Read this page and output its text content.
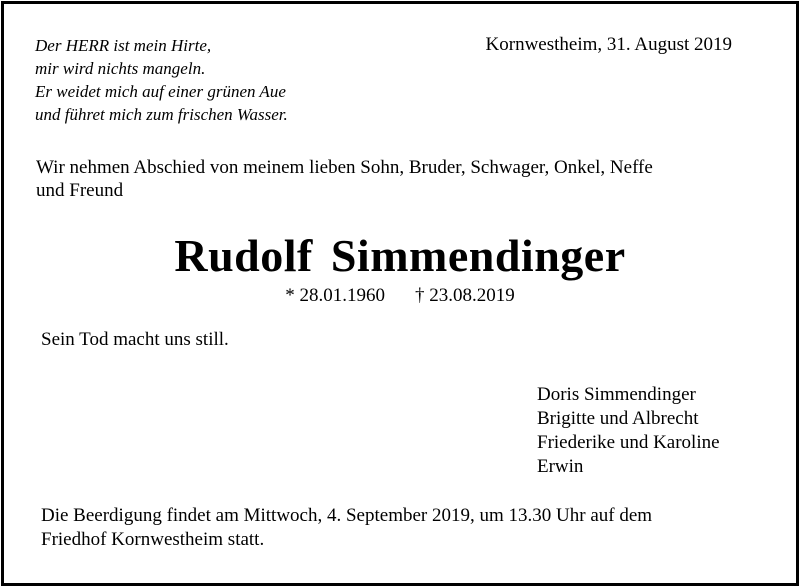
Der HERR ist mein Hirte,
mir wird nichts mangeln.
Er weidet mich auf einer grünen Aue
und führet mich zum frischen Wasser.
Kornwestheim, 31. August 2019
Wir nehmen Abschied von meinem lieben Sohn, Bruder, Schwager, Onkel, Neffe
und Freund
Rudolf Simmendinger
* 28.01.1960 † 23.08.2019
Sein Tod macht uns still.
Doris Simmendinger
Brigitte und Albrecht
Friederike und Karoline
Erwin
Die Beerdigung findet am Mittwoch, 4. September 2019, um 13.30 Uhr auf dem
Friedhof Kornwestheim statt.
